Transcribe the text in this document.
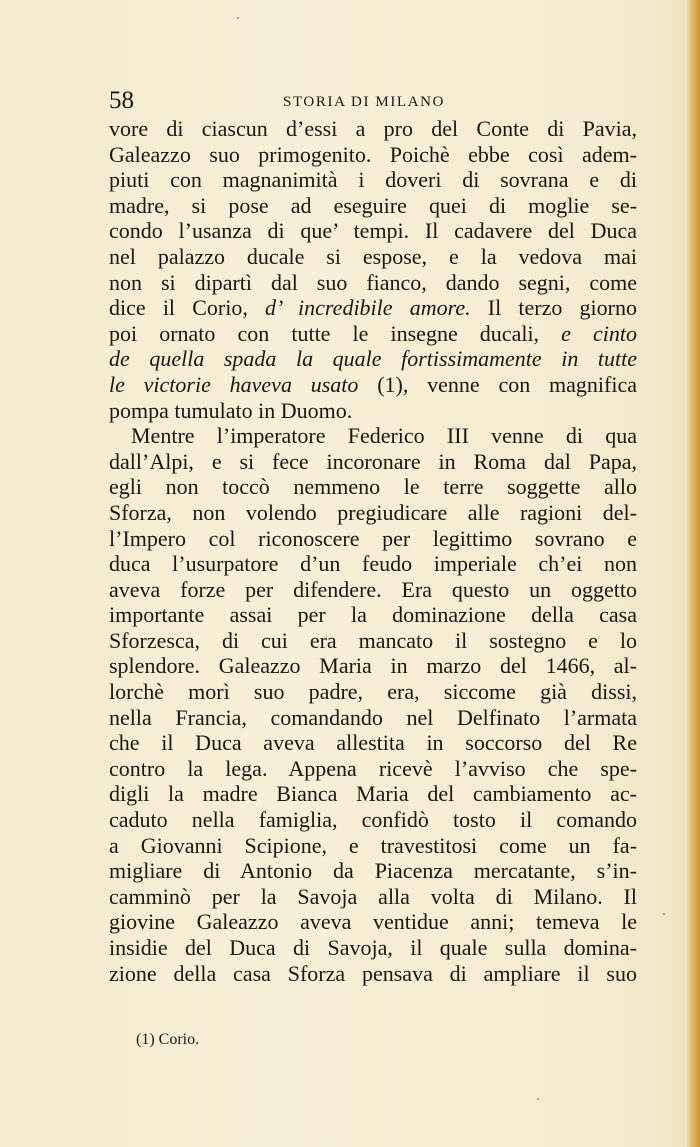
58	STORIA DI MILANO
vore di ciascun d’essi a pro del Conte di Pavia,
Galeazzo suo primogenito. Poichè ebbe così adem-
piuti con magnanimità i doveri di sovrana e di
madre, si pose ad eseguire quei di moglie se-
condo l’usanza di que’ tempi. Il cadavere del Duca
nel palazzo ducale si espose, e la vedova mai
non si dipartì dal suo fianco, dando segni, come
dice il Corio, d’ incredibile amore. Il terzo giorno
poi ornato con tutte le insegne ducali, e cinto
de quella spada la quale fortissimamente in tutte
le victorie haveva usato (1), venne con magnifica
pompa tumulato in Duomo.
Mentre l’imperatore Federico III venne di qua
dall’Alpi, e si fece incoronare in Roma dal Papa,
egli non toccò nemmeno le terre soggette allo
Sforza, non volendo pregiudicare alle ragioni del-
l’Impero col riconoscere per legittimo sovrano e
duca l’usurpatore d’un feudo imperiale ch’ei non
aveva forze per difendere. Era questo un oggetto
importante assai per la dominazione della casa
Sforzesca, di cui era mancato il sostegno e lo
splendore. Galeazzo Maria in marzo del 1466, al-
lorchè morì suo padre, era, siccome già dissi,
nella Francia, comandando nel Delfinato l’armata
che il Duca aveva allestita in soccorso del Re
contro la lega. Appena ricevè l’avviso che spe-
digli la madre Bianca Maria del cambiamento ac-
caduto nella famiglia, confidò tosto il comando
a Giovanni Scipione, e travestitosi come un fa-
migliare di Antonio da Piacenza mercatante, s’in-
camminò per la Savoja alla volta di Milano. Il
giovine Galeazzo aveva ventidue anni; temeva le
insidie del Duca di Savoja, il quale sulla domina-
zione della casa Sforza pensava di ampliare il suo
(1) Corio.
